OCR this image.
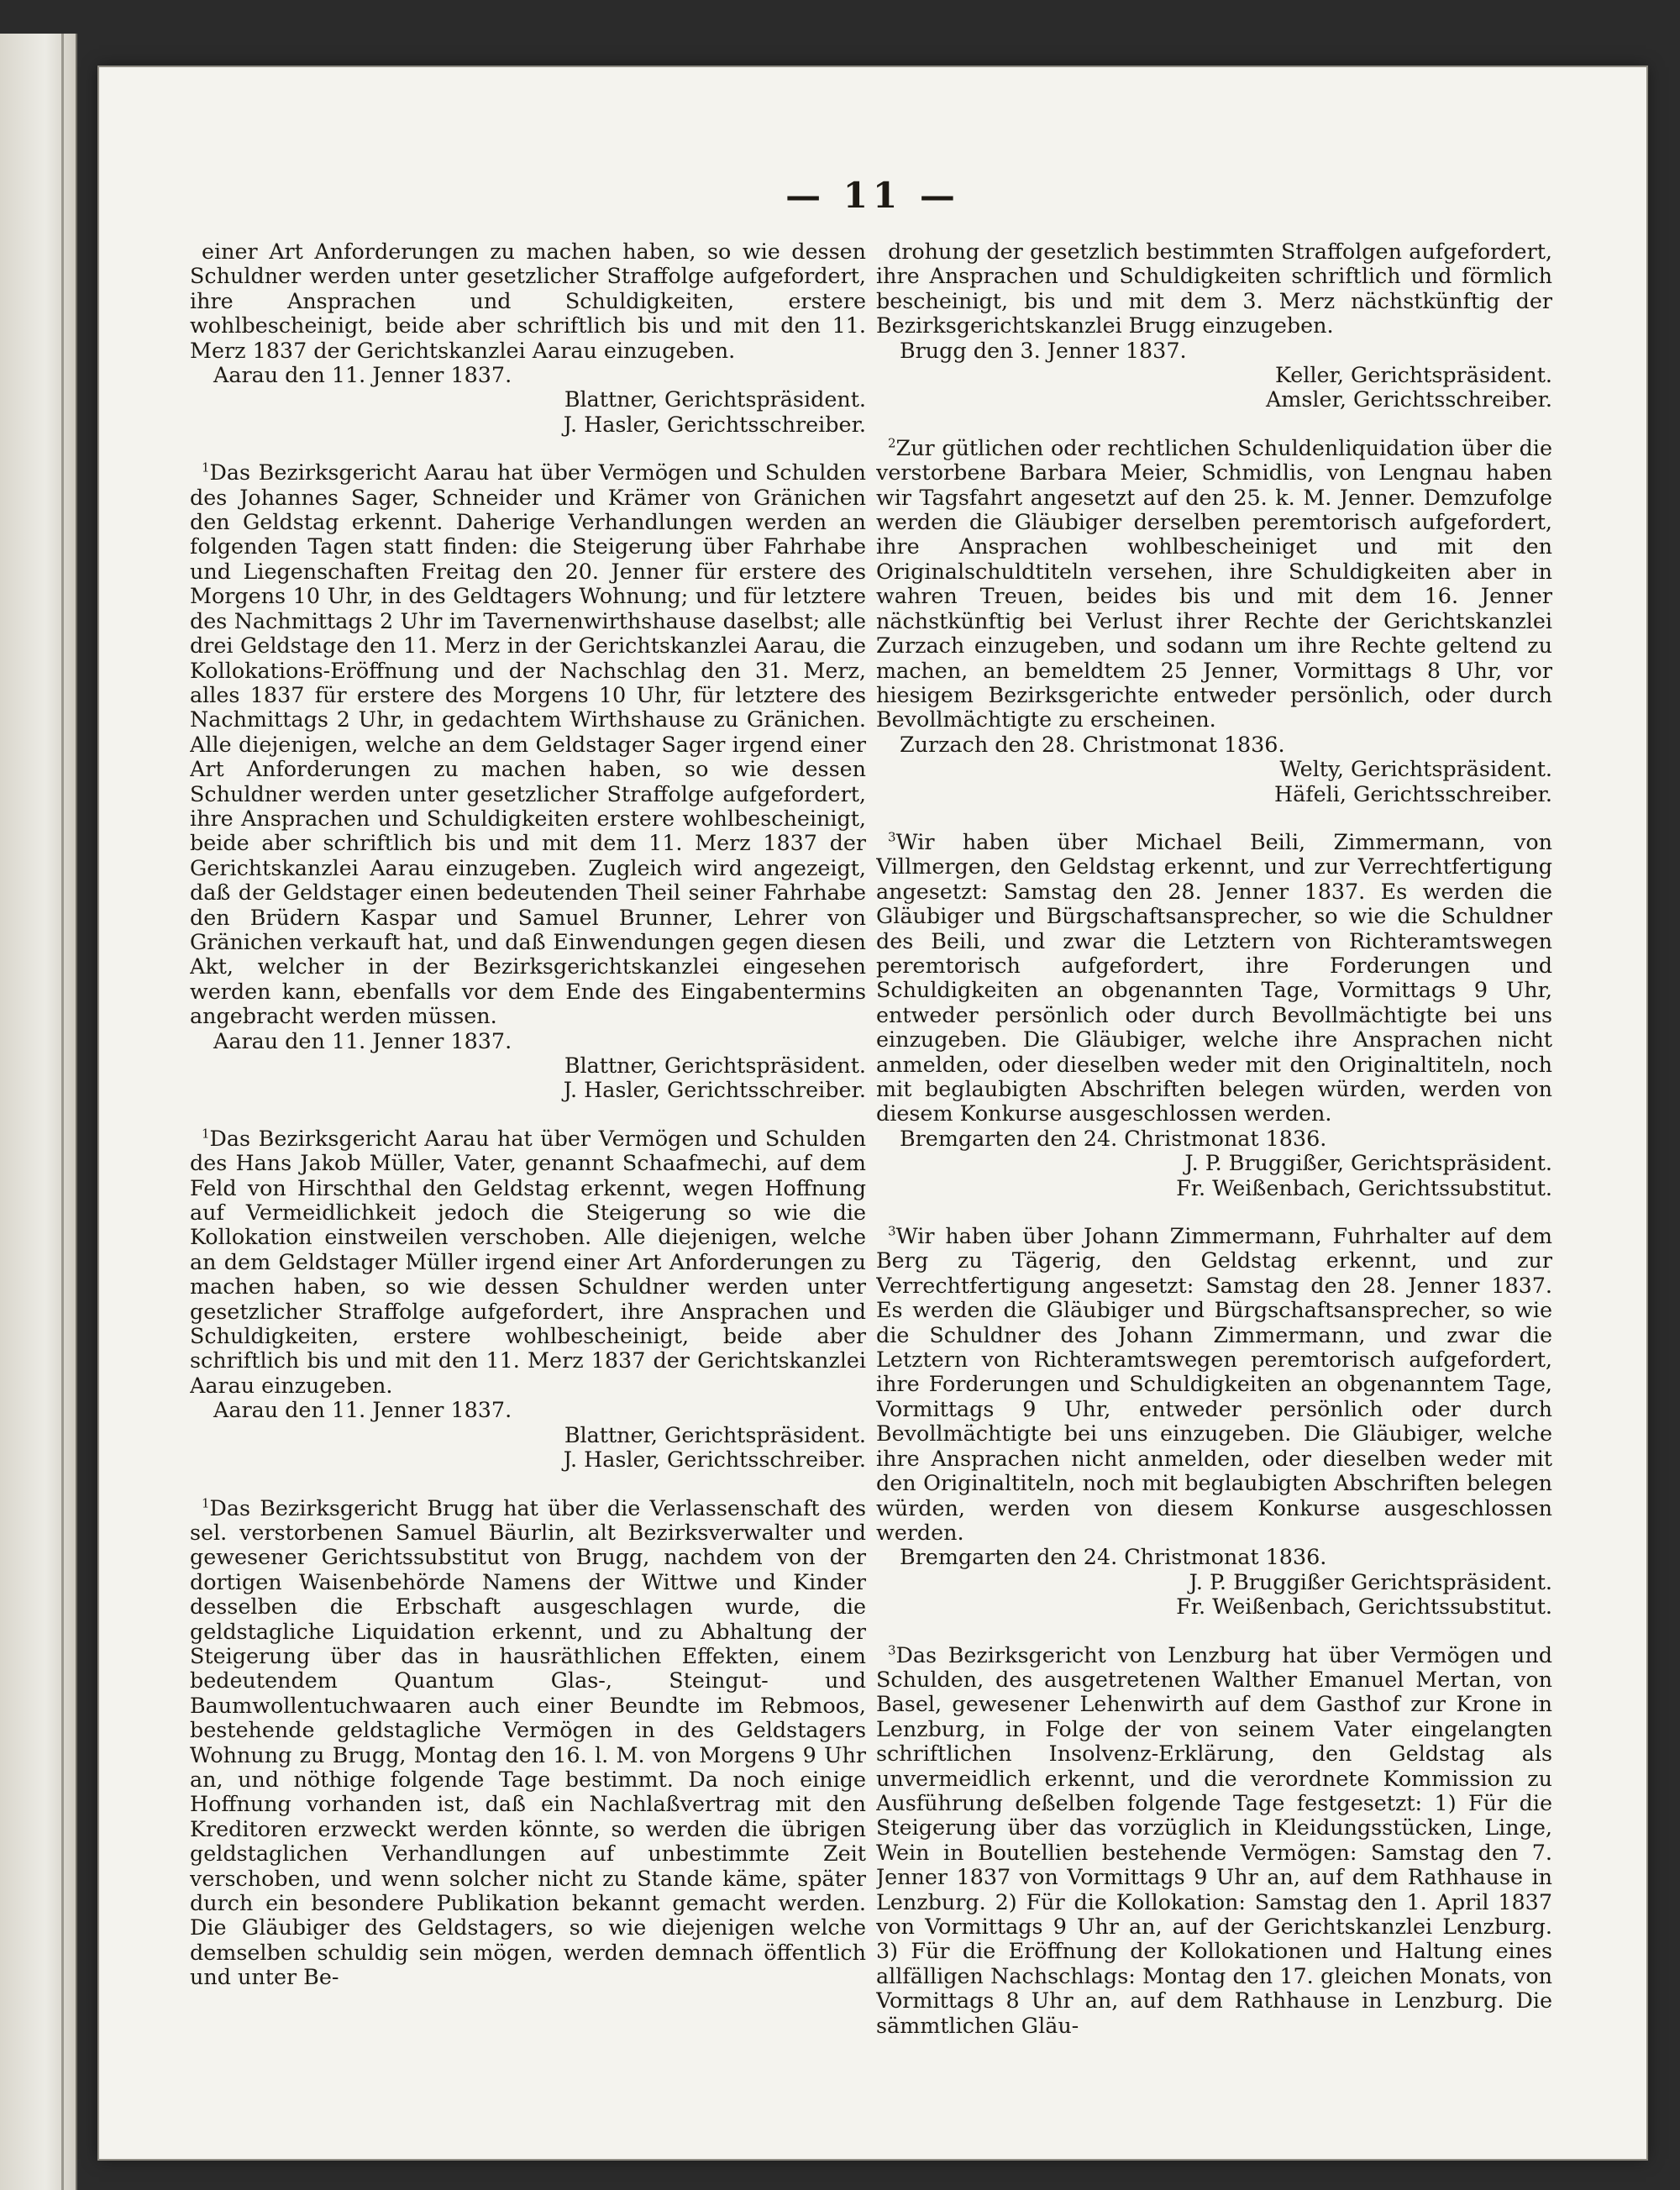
— 11 —

einer Art Anforderungen zu machen haben, so wie dessen Schuldner werden unter gesetzlicher Straffolge aufgefordert, ihre Ansprachen und Schuldigkeiten, erstere wohlbescheinigt, beide aber schriftlich bis und mit den 11. Merz 1837 der Gerichtskanzlei Aarau einzugeben.

Aarau den 11. Jenner 1837.

Blattner, Gerichtspräsident.

J. Hasler, Gerichtsschreiber.

$^1$Das Bezirksgericht Aarau hat über Vermögen und Schulden des Johannes Sager, Schneider und Krämer von Gränichen den Geldstag erkennt. Daherige Verhandlungen werden an folgenden Tagen statt finden: die Steigerung über Fahrhabe und Liegenschaften Freitag den 20. Jenner für erstere des Morgens 10 Uhr, in des Geldtagers Wohnung; und für letztere des Nachmittags 2 Uhr im Tavernenwirthshause daselbst; alle drei Geldstage den 11. Merz in der Gerichtskanzlei Aarau, die Kollokations-Eröffnung und der Nachschlag den 31. Merz, alles 1837 für erstere des Morgens 10 Uhr, für letztere des Nachmittags 2 Uhr, in gedachtem Wirthshause zu Gränichen. Alle diejenigen, welche an dem Geldstager Sager irgend einer Art Anforderungen zu machen haben, so wie dessen Schuldner werden unter gesetzlicher Straffolge aufgefordert, ihre Ansprachen und Schuldigkeiten erstere wohlbescheinigt, beide aber schriftlich bis und mit dem 11. Merz 1837 der Gerichtskanzlei Aarau einzugeben. Zugleich wird angezeigt, daß der Geldstager einen bedeutenden Theil seiner Fahrhabe den Brüdern Kaspar und Samuel Brunner, Lehrer von Gränichen verkauft hat, und daß Einwendungen gegen diesen Akt, welcher in der Bezirksgerichtskanzlei eingesehen werden kann, ebenfalls vor dem Ende des Eingabentermins angebracht werden müssen.

Aarau den 11. Jenner 1837.

Blattner, Gerichtspräsident.

J. Hasler, Gerichtsschreiber.

$^1$Das Bezirksgericht Aarau hat über Vermögen und Schulden des Hans Jakob Müller, Vater, genannt Schaafmechi, auf dem Feld von Hirschthal den Geldstag erkennt, wegen Hoffnung auf Vermeidlichkeit jedoch die Steigerung so wie die Kollokation einstweilen verschoben. Alle diejenigen, welche an dem Geldstager Müller irgend einer Art Anforderungen zu machen haben, so wie dessen Schuldner werden unter gesetzlicher Straffolge aufgefordert, ihre Ansprachen und Schuldigkeiten, erstere wohlbescheinigt, beide aber schriftlich bis und mit den 11. Merz 1837 der Gerichtskanzlei Aarau einzugeben.

Aarau den 11. Jenner 1837.

Blattner, Gerichtspräsident.

J. Hasler, Gerichtsschreiber.

$^1$Das Bezirksgericht Brugg hat über die Verlassenschaft des sel. verstorbenen Samuel Bäurlin, alt Bezirksverwalter und gewesener Gerichtssubstitut von Brugg, nachdem von der dortigen Waisenbehörde Namens der Wittwe und Kinder desselben die Erbschaft ausgeschlagen wurde, die geldstagliche Liquidation erkennt, und zu Abhaltung der Steigerung über das in hausräthlichen Effekten, einem bedeutendem Quantum Glas-, Steingut- und Baumwollentuchwaaren auch einer Beundte im Rebmoos, bestehende geldstagliche Vermögen in des Geldstagers Wohnung zu Brugg, Montag den 16. l. M. von Morgens 9 Uhr an, und nöthige folgende Tage bestimmt. Da noch einige Hoffnung vorhanden ist, daß ein Nachlaßvertrag mit den Kreditoren erzweckt werden könnte, so werden die übrigen geldstaglichen Verhandlungen auf unbestimmte Zeit verschoben, und wenn solcher nicht zu Stande käme, später durch ein besondere Publikation bekannt gemacht werden. Die Gläubiger des Geldstagers, so wie diejenigen welche demselben schuldig sein mögen, werden demnach öffentlich und unter Be-

drohung der gesetzlich bestimmten Straffolgen aufgefordert, ihre Ansprachen und Schuldigkeiten schriftlich und förmlich bescheinigt, bis und mit dem 3. Merz nächstkünftig der Bezirksgerichtskanzlei Brugg einzugeben.

Brugg den 3. Jenner 1837.

Keller, Gerichtspräsident.

Amsler, Gerichtsschreiber.

$^2$Zur gütlichen oder rechtlichen Schuldenliquidation über die verstorbene Barbara Meier, Schmidlis, von Lengnau haben wir Tagsfahrt angesetzt auf den 25. k. M. Jenner. Demzufolge werden die Gläubiger derselben peremtorisch aufgefordert, ihre Ansprachen wohlbescheiniget und mit den Originalschuldtiteln versehen, ihre Schuldigkeiten aber in wahren Treuen, beides bis und mit dem 16. Jenner nächstkünftig bei Verlust ihrer Rechte der Gerichtskanzlei Zurzach einzugeben, und sodann um ihre Rechte geltend zu machen, an bemeldtem 25 Jenner, Vormittags 8 Uhr, vor hiesigem Bezirksgerichte entweder persönlich, oder durch Bevollmächtigte zu erscheinen.

Zurzach den 28. Christmonat 1836.

Welty, Gerichtspräsident.

Häfeli, Gerichtsschreiber.

$^3$Wir haben über Michael Beili, Zimmermann, von Villmergen, den Geldstag erkennt, und zur Verrechtfertigung angesetzt: Samstag den 28. Jenner 1837. Es werden die Gläubiger und Bürgschaftsansprecher, so wie die Schuldner des Beili, und zwar die Letztern von Richteramtswegen peremtorisch aufgefordert, ihre Forderungen und Schuldigkeiten an obgenannten Tage, Vormittags 9 Uhr, entweder persönlich oder durch Bevollmächtigte bei uns einzugeben. Die Gläubiger, welche ihre Ansprachen nicht anmelden, oder dieselben weder mit den Originaltiteln, noch mit beglaubigten Abschriften belegen würden, werden von diesem Konkurse ausgeschlossen werden.

Bremgarten den 24. Christmonat 1836.

J. P. Bruggißer, Gerichtspräsident.

Fr. Weißenbach, Gerichtssubstitut.

$^3$Wir haben über Johann Zimmermann, Fuhrhalter auf dem Berg zu Tägerig, den Geldstag erkennt, und zur Verrechtfertigung angesetzt: Samstag den 28. Jenner 1837. Es werden die Gläubiger und Bürgschaftsansprecher, so wie die Schuldner des Johann Zimmermann, und zwar die Letztern von Richteramtswegen peremtorisch aufgefordert, ihre Forderungen und Schuldigkeiten an obgenanntem Tage, Vormittags 9 Uhr, entweder persönlich oder durch Bevollmächtigte bei uns einzugeben. Die Gläubiger, welche ihre Ansprachen nicht anmelden, oder dieselben weder mit den Originaltiteln, noch mit beglaubigten Abschriften belegen würden, werden von diesem Konkurse ausgeschlossen werden.

Bremgarten den 24. Christmonat 1836.

J. P. Bruggißer Gerichtspräsident.

Fr. Weißenbach, Gerichtssubstitut.

$^3$Das Bezirksgericht von Lenzburg hat über Vermögen und Schulden, des ausgetretenen Walther Emanuel Mertan, von Basel, gewesener Lehenwirth auf dem Gasthof zur Krone in Lenzburg, in Folge der von seinem Vater eingelangten schriftlichen Insolvenz-Erklärung, den Geldstag als unvermeidlich erkennt, und die verordnete Kommission zu Ausführung deßelben folgende Tage festgesetzt: 1) Für die Steigerung über das vorzüglich in Kleidungsstücken, Linge, Wein in Boutellien bestehende Vermögen: Samstag den 7. Jenner 1837 von Vormittags 9 Uhr an, auf dem Rathhause in Lenzburg. 2) Für die Kollokation: Samstag den 1. April 1837 von Vormittags 9 Uhr an, auf der Gerichtskanzlei Lenzburg. 3) Für die Eröffnung der Kollokationen und Haltung eines allfälligen Nachschlags: Montag den 17. gleichen Monats, von Vormittags 8 Uhr an, auf dem Rathhause in Lenzburg. Die sämmtlichen Gläu-
